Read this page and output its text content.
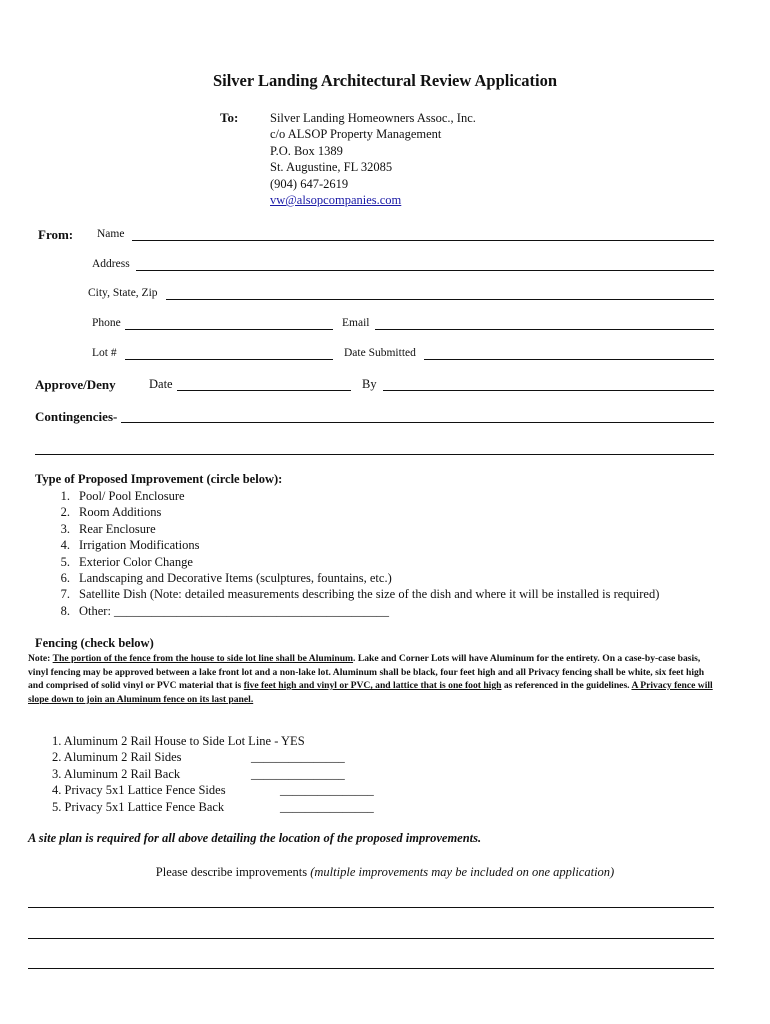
Silver Landing Architectural Review Application
To:	Silver Landing Homeowners Assoc., Inc.
c/o ALSOP Property Management
P.O. Box 1389
St. Augustine, FL 32085
(904) 647-2619
vw@alsopcompanies.com
From: Name
Address
City, State, Zip
Phone	Email
Lot #	Date Submitted
Approve/Deny	Date	By
Contingencies-
Type of Proposed Improvement (circle below):
1. Pool/ Pool Enclosure
2. Room Additions
3. Rear Enclosure
4. Irrigation Modifications
5. Exterior Color Change
6. Landscaping and Decorative Items (sculptures, fountains, etc.)
7. Satellite Dish (Note: detailed measurements describing the size of the dish and where it will be installed is required)
8. Other: ____________________________________________
Fencing (check below)
Note: The portion of the fence from the house to side lot line shall be Aluminum. Lake and Corner Lots will have Aluminum for the entirety. On a case-by-case basis, vinyl fencing may be approved between a lake front lot and a non-lake lot. Aluminum shall be black, four feet high and all Privacy fencing shall be white, six feet high and comprised of solid vinyl or PVC material that is five feet high and vinyl or PVC, and lattice that is one foot high as referenced in the guidelines. A Privacy fence will slope down to join an Aluminum fence on its last panel.
1. Aluminum 2 Rail House to Side Lot Line - YES
2. Aluminum 2 Rail Sides	_______________
3. Aluminum 2 Rail Back	_______________
4. Privacy 5x1 Lattice Fence Sides	_______________
5. Privacy 5x1 Lattice Fence Back	_______________
A site plan is required for all above detailing the location of the proposed improvements.
Please describe improvements (multiple improvements may be included on one application)
